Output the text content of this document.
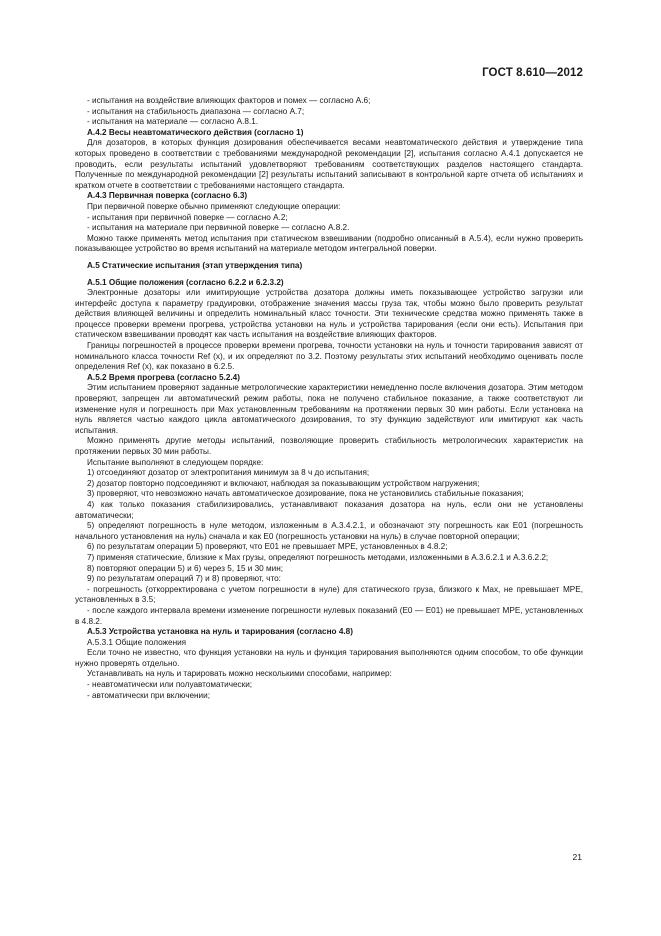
ГОСТ 8.610—2012

- испытания на воздействие влияющих факторов и помех — согласно А.6;

- испытания на стабильность диапазона — согласно А.7;

- испытания на материале — согласно А.8.1.

А.4.2 Весы неавтоматического действия (согласно 1)

Для дозаторов, в которых функция дозирования обеспечивается весами неавтоматического действия и утверждение типа которых проведено в соответствии с требованиями международной рекомендации [2], испытания согласно А.4.1 допускается не проводить, если результаты испытаний удовлетворяют требованиям соответствующих разделов настоящего стандарта. Полученные по международной рекомендации [2] результаты испытаний записывают в контрольной карте отчета об испытаниях и кратком отчете в соответствии с требованиями настоящего стандарта.

А.4.3 Первичная поверка (согласно 6.3)

При первичной поверке обычно применяют следующие операции:

- испытания при первичной поверке — согласно А.2;

- испытания на материале при первичной поверке — согласно А.8.2.

Можно также применять метод испытания при статическом взвешивании (подробно описанный в А.5.4), если нужно проверить показывающее устройство во время испытаний на материале методом интегральной поверки.

А.5 Статические испытания (этап утверждения типа)

А.5.1 Общие положения (согласно 6.2.2 и 6.2.3.2)

Электронные дозаторы или имитирующие устройства дозатора должны иметь показывающее устройство загрузки или интерфейс доступа к параметру градуировки, отображение значения массы груза так, чтобы можно было проверить результат действия влияющей величины и определить номинальный класс точности. Эти технические средства можно применять также в процессе проверки времени прогрева, устройства установки на нуль и устройства тарирования (если они есть). Испытания при статическом взвешивании проводят как часть испытания на воздействие влияющих факторов.

Границы погрешностей в процессе проверки времени прогрева, точности установки на нуль и точности тарирования зависят от номинального класса точности Ref (x), и их определяют по 3.2. Поэтому результаты этих испытаний необходимо оценивать после определения Ref (x), как показано в 6.2.5.

А.5.2 Время прогрева (согласно 5.2.4)

Этим испытанием проверяют заданные метрологические характеристики немедленно после включения дозатора. Этим методом проверяют, запрещен ли автоматический режим работы, пока не получено стабильное показание, а также соответствуют ли изменение нуля и погрешность при Max установленным требованиям на протяжении первых 30 мин работы. Если установка на нуль является частью каждого цикла автоматического дозирования, то эту функцию задействуют или имитируют как часть испытания.

Можно применять другие методы испытаний, позволяющие проверить стабильность метрологических характеристик на протяжении первых 30 мин работы.

Испытание выполняют в следующем порядке:

1) отсоединяют дозатор от электропитания минимум за 8 ч до испытания;

2) дозатор повторно подсоединяют и включают, наблюдая за показывающим устройством нагружения;

3) проверяют, что невозможно начать автоматическое дозирование, пока не установились стабильные показания;

4) как только показания стабилизировались, устанавливают показания дозатора на нуль, если они не установлены автоматически;

5) определяют погрешность в нуле методом, изложенным в А.3.4.2.1, и обозначают эту погрешность как E01 (погрешность начального установления на нуль) сначала и как E0 (погрешность установки на нуль) в случае повторной операции;

6) по результатам операции 5) проверяют, что E01 не превышает МРЕ, установленных в 4.8.2;

7) применяя статические, близкие к Max грузы, определяют погрешность методами, изложенными в А.3.6.2.1 и А.3.6.2.2;

8) повторяют операции 5) и 6) через 5, 15 и 30 мин;

9) по результатам операций 7) и 8) проверяют, что:

- погрешность (откорректирована с учетом погрешности в нуле) для статического груза, близкого к Max, не превышает МРЕ, установленных в 3.5;

- после каждого интервала времени изменение погрешности нулевых показаний (E0 — E01) не превышает МРЕ, установленных в 4.8.2.

А.5.3 Устройства установка на нуль и тарирования (согласно 4.8)

А.5.3.1 Общие положения

Если точно не известно, что функция установки на нуль и функция тарирования выполняются одним способом, то обе функции нужно проверять отдельно.

Устанавливать на нуль и тарировать можно несколькими способами, например:

- неавтоматически или полуавтоматически;

- автоматически при включении;

21
